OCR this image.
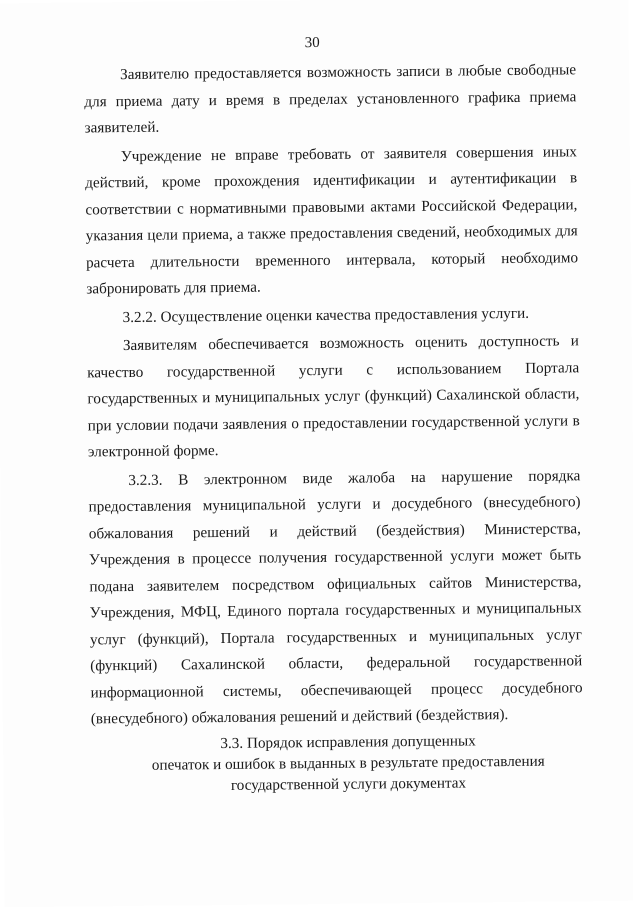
30

Заявителю предоставляется возможность записи в любые свободные для приема дату и время в пределах установленного графика приема заявителей.

Учреждение не вправе требовать от заявителя совершения иных действий, кроме прохождения идентификации и аутентификации в соответствии с нормативными правовыми актами Российской Федерации, указания цели приема, а также предоставления сведений, необходимых для расчета длительности временного интервала, который необходимо забронировать для приема.

3.2.2. Осуществление оценки качества предоставления услуги.

Заявителям обеспечивается возможность оценить доступность и качество государственной услуги с использованием Портала государственных и муниципальных услуг (функций) Сахалинской области, при условии подачи заявления о предоставлении государственной услуги в электронной форме.

3.2.3. В электронном виде жалоба на нарушение порядка предоставления муниципальной услуги и досудебного (внесудебного) обжалования решений и действий (бездействия) Министерства, Учреждения в процессе получения государственной услуги может быть подана заявителем посредством официальных сайтов Министерства, Учреждения, МФЦ, Единого портала государственных и муниципальных услуг (функций), Портала государственных и муниципальных услуг (функций) Сахалинской области, федеральной государственной информационной системы, обеспечивающей процесс досудебного (внесудебного) обжалования решений и действий (бездействия).

3.3. Порядок исправления допущенных
опечаток и ошибок в выданных в результате предоставления
государственной услуги документах
